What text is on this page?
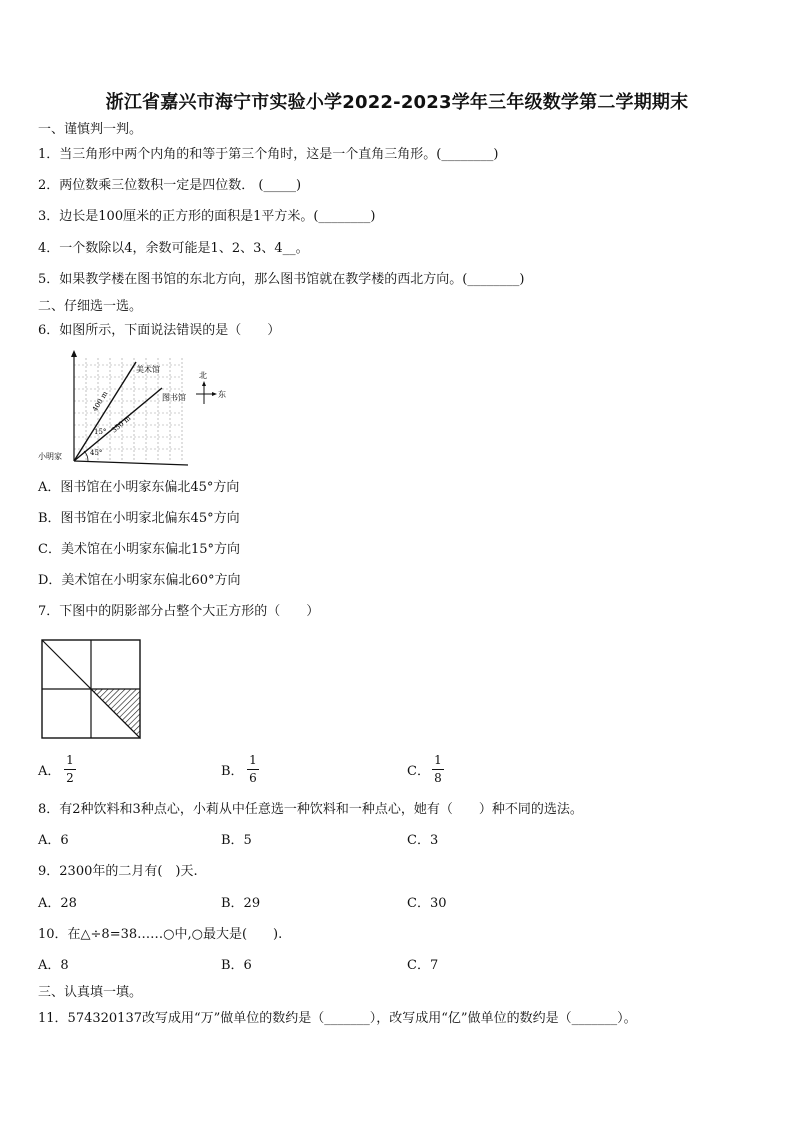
浙江省嘉兴市海宁市实验小学2022-2023学年三年级数学第二学期期末
一、谨慎判一判。
1．当三角形中两个内角的和等于第三个角时，这是一个直角三角形。(________)
2．两位数乘三位数积一定是四位数． (_____)
3．边长是100厘米的正方形的面积是1平方米。(________)
4．一个数除以4，余数可能是1、2、3、4__。
5．如果教学楼在图书馆的东北方向，那么图书馆就在教学楼的西北方向。(________)
二、仔细选一选。
6．如图所示，下面说法错误的是（　　）
美术馆
图书馆
小明家
400 m
350 m
15°
45°
北
东
A．图书馆在小明家东偏北45°方向
B．图书馆在小明家北偏东45°方向
C．美术馆在小明家东偏北15°方向
D．美术馆在小明家东偏北60°方向
7．下图中的阴影部分占整个大正方形的（　　）
A．
1
2	B．
1
6	C．
1
8
8．有2种饮料和3种点心，小莉从中任意选一种饮料和一种点心，她有（　　）种不同的选法。
A．6	B．5	C．3
9．2300年的二月有(　)天.
A．28	B．29	C．30
10．在△÷8=38……○中,○最大是(　　).
A．8	B．6	C．7
三、认真填一填。
11．574320137改写成用“万”做单位的数约是（_______），改写成用“亿”做单位的数约是（_______）。
